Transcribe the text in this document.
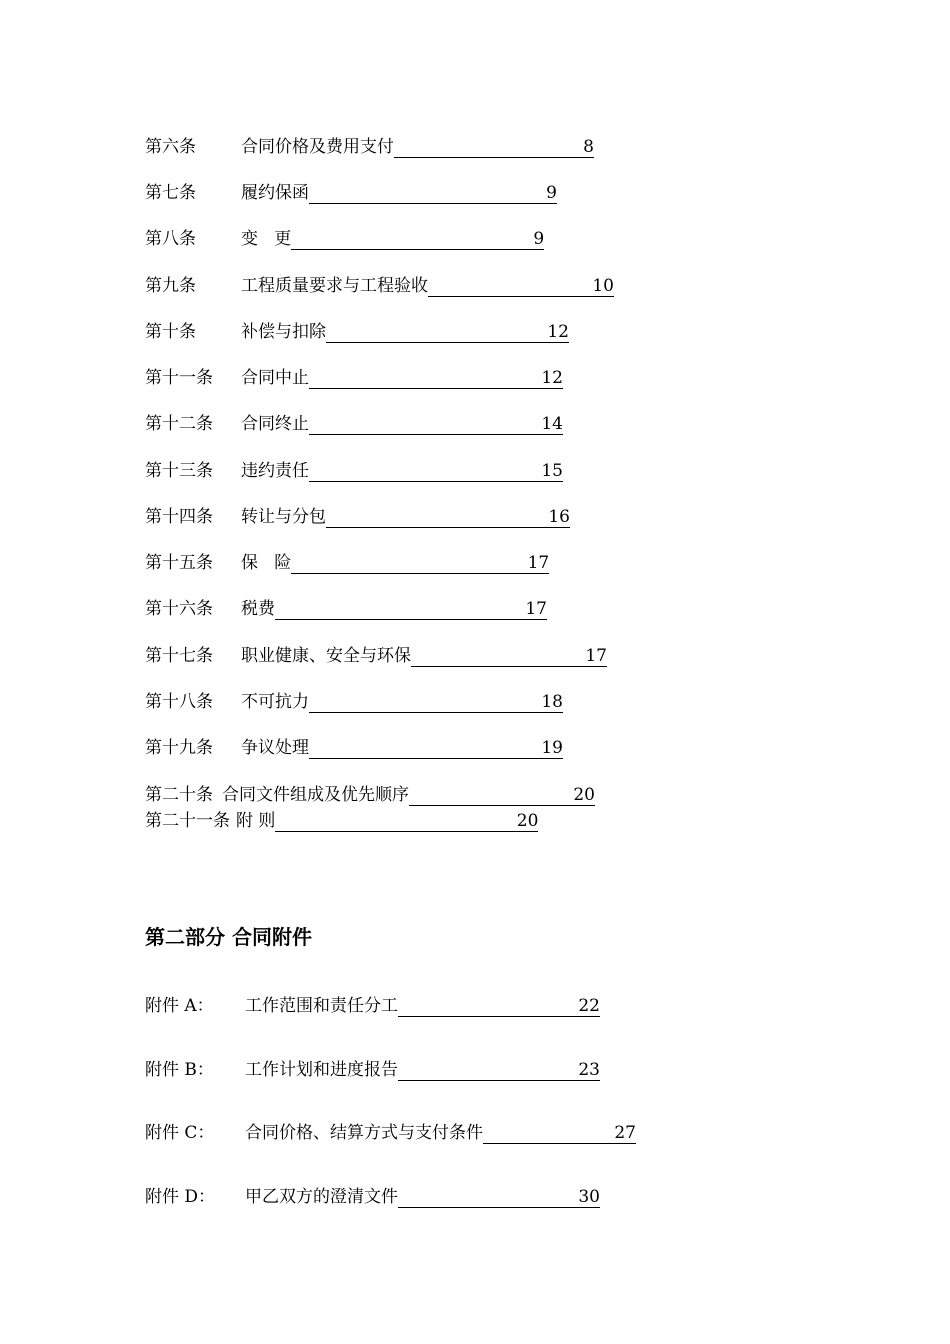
第六条	合同价格及费用支付	8
第七条	履约保函	9
第八条	变   更	9
第九条	工程质量要求与工程验收	10
第十条	补偿与扣除	12
第十一条 合同中止	12
第十二条 合同终止	14
第十三条 违约责任	15
第十四条 转让与分包	16
第十五条 保   险	17
第十六条 税费	17
第十七条 职业健康、安全与环保	17
第十八条 不可抗力	18
第十九条 争议处理	19
第二十条 合同文件组成及优先顺序	20
第二十一条 附 则	20
第二部分 合同附件
附件 A： 工作范围和责任分工	22
附件 B： 工作计划和进度报告	23
附件 C： 合同价格、结算方式与支付条件	27
附件 D： 甲乙双方的澄清文件	30
